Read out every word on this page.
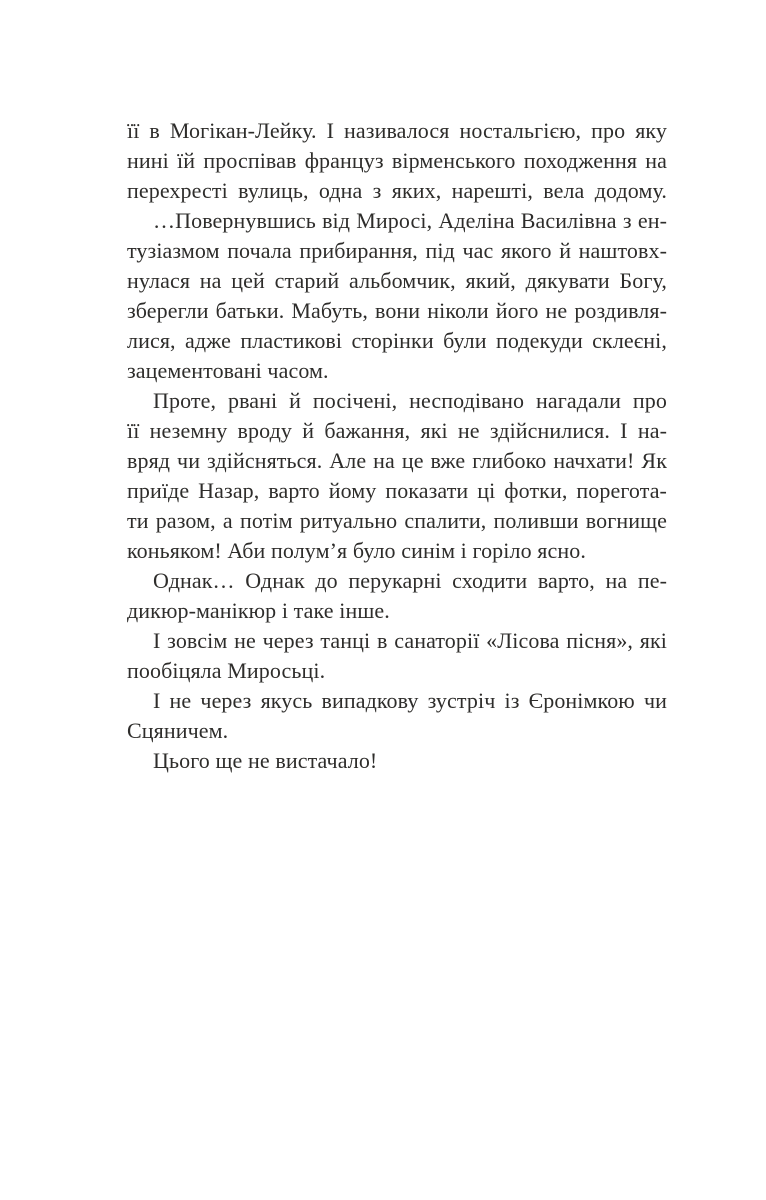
її в Могікан-Лейку. І називалося ностальгією, про яку
нині їй проспівав француз вірменського походження на
перехресті вулиць, одна з яких, нарешті, вела додому.
…Повернувшись від Миросі, Аделіна Василівна з ен-
тузіазмом почала прибирання, під час якого й наштовх-
нулася на цей старий альбомчик, який, дякувати Богу,
зберегли батьки. Мабуть, вони ніколи його не роздивля-
лися, адже пластикові сторінки були подекуди склеєні,
зацементовані часом.
Проте, рвані й посічені, несподівано нагадали про
її неземну вроду й бажання, які не здійснилися. І на-
вряд чи здійсняться. Але на це вже глибоко начхати! Як
приїде Назар, варто йому показати ці фотки, порегота-
ти разом, а потім ритуально спалити, поливши вогнище
коньяком! Аби полум’я було синім і горіло ясно.
Однак… Однак до перукарні сходити варто, на пе-
дикюр-манікюр і таке інше.
І зовсім не через танці в санаторії «Лісова пісня», які
пообіцяла Миросьці.
І не через якусь випадкову зустріч із Єронімкою чи
Сцяничем.
Цього ще не вистачало!
